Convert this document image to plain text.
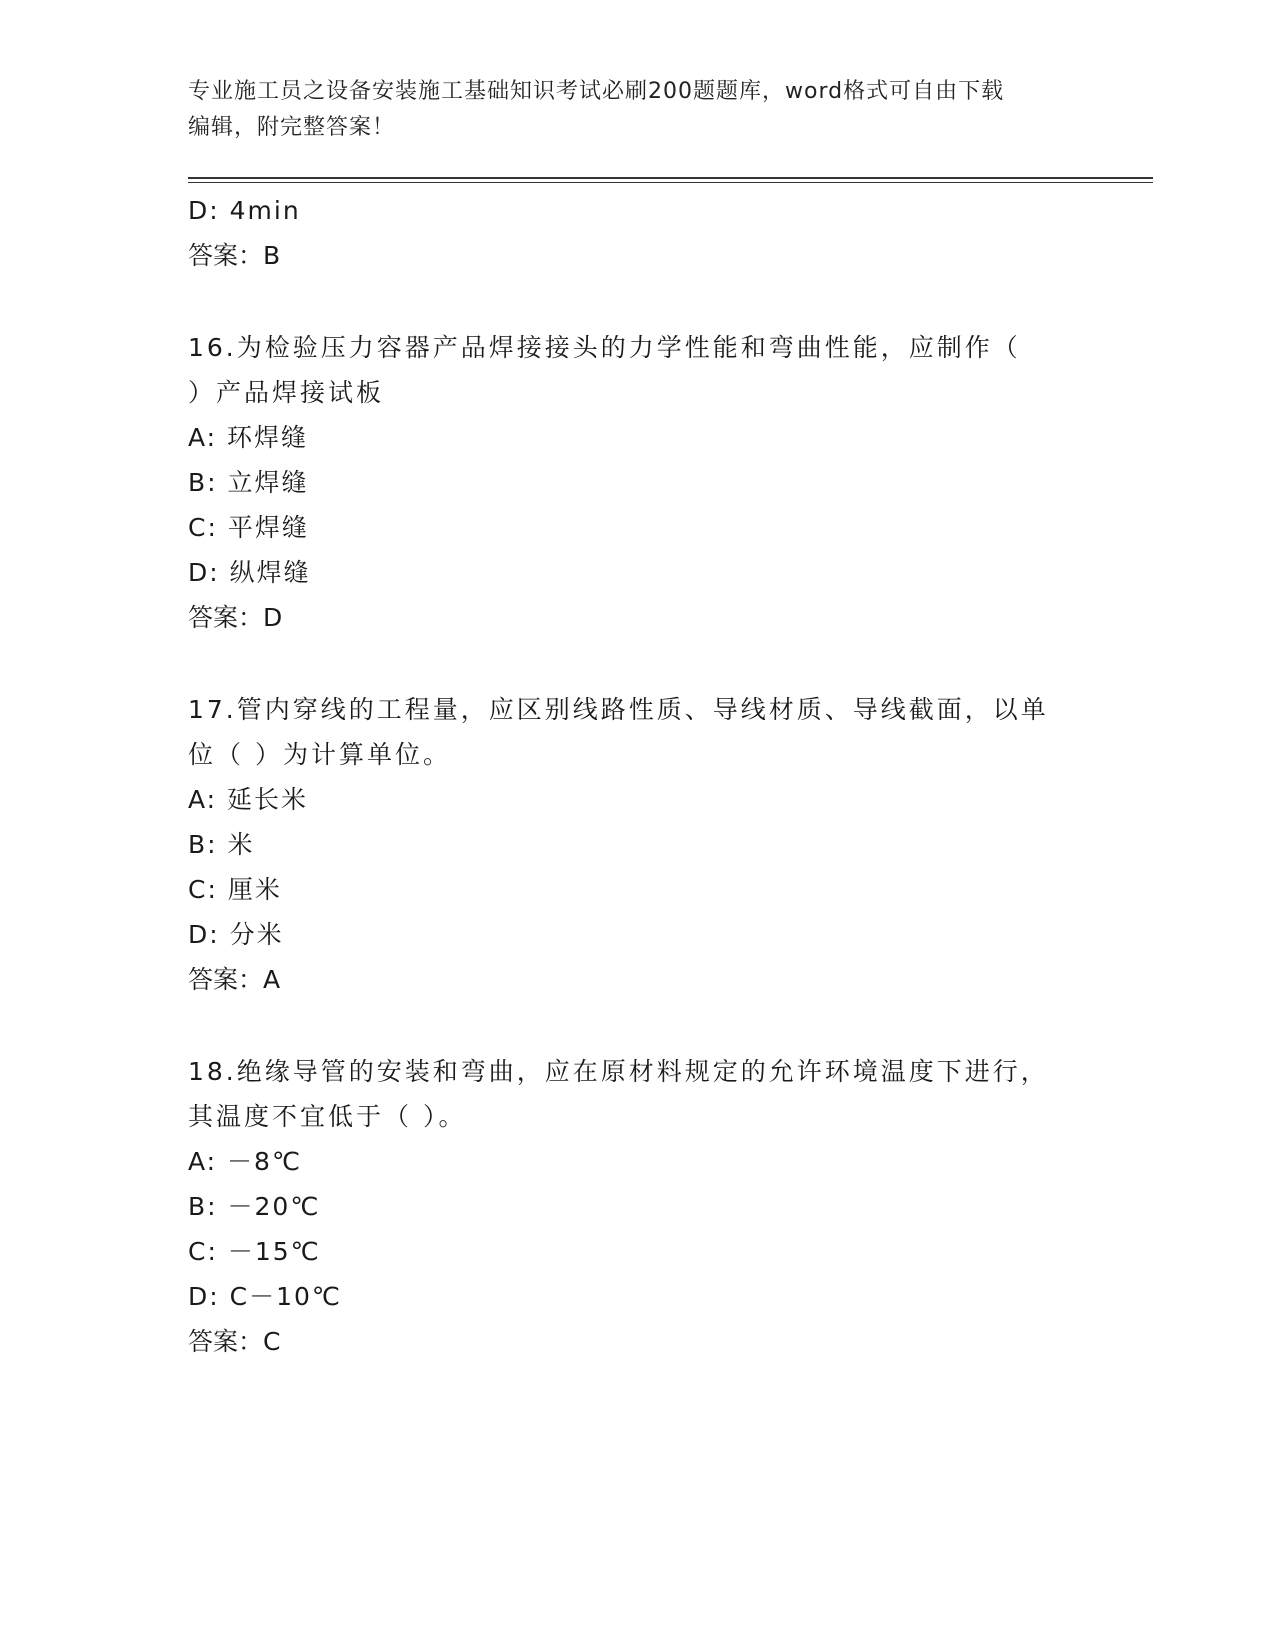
专业施工员之设备安装施工基础知识考试必刷200题题库，word格式可自由下载
编辑，附完整答案！

D: 4min

答案：B

16.为检验压力容器产品焊接接头的力学性能和弯曲性能，应制作（

）产品焊接试板

A: 环焊缝

B: 立焊缝

C: 平焊缝

D: 纵焊缝

答案：D

17.管内穿线的工程量，应区别线路性质、导线材质、导线截面，以单

位（ ）为计算单位。

A: 延长米

B: 米

C: 厘米

D: 分米

答案：A

18.绝缘导管的安装和弯曲，应在原材料规定的允许环境温度下进行，

其温度不宜低于（ ）。

A: －8℃

B: －20℃

C: －15℃

D: C－10℃

答案：C
